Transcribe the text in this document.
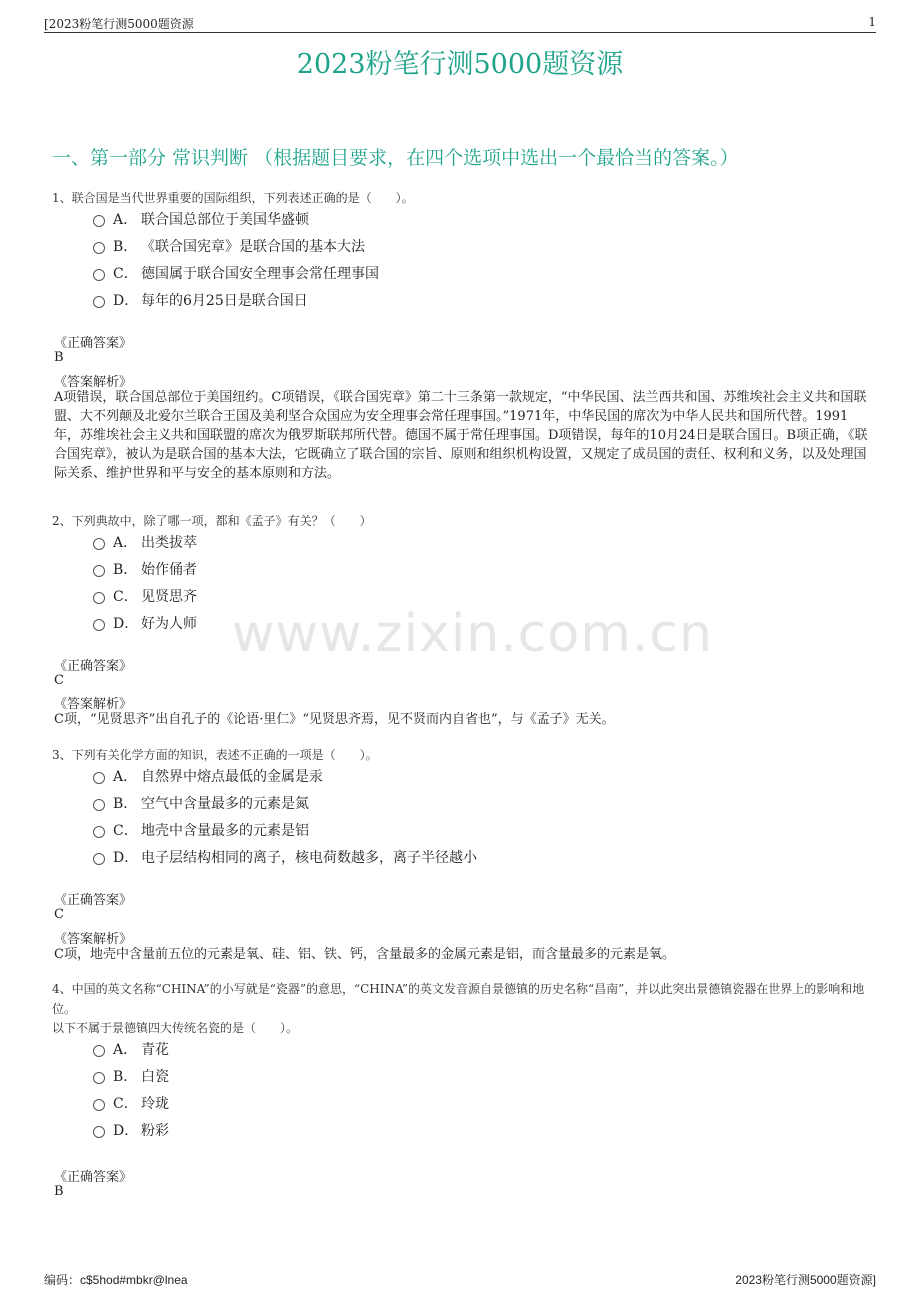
[2023粉笔行测5000题资源	1
2023粉笔行测5000题资源
一、第一部分 常识判断 （根据题目要求，在四个选项中选出一个最恰当的答案。）
www.zixin.com.cn
1、联合国是当代世界重要的国际组织，下列表述正确的是（　　）。
A． 联合国总部位于美国华盛顿
B． 《联合国宪章》是联合国的基本大法
C． 德国属于联合国安全理事会常任理事国
D． 每年的6月25日是联合国日
《正确答案》
B
《答案解析》
A项错误，联合国总部位于美国纽约。C项错误，《联合国宪章》第二十三条第一款规定，“中华民国、法兰西共和国、苏维埃社会主义共和国联盟、大不列颠及北爱尔兰联合王国及美利坚合众国应为安全理事会常任理事国。”1971年，中华民国的席次为中华人民共和国所代替。1991年，苏维埃社会主义共和国联盟的席次为俄罗斯联邦所代替。德国不属于常任理事国。D项错误，每年的10月24日是联合国日。B项正确，《联合国宪章》，被认为是联合国的基本大法，它既确立了联合国的宗旨、原则和组织机构设置，又规定了成员国的责任、权利和义务，以及处理国际关系、维护世界和平与安全的基本原则和方法。
2、下列典故中，除了哪一项，都和《孟子》有关？（　　）
A． 出类拔萃
B． 始作俑者
C． 见贤思齐
D． 好为人师
《正确答案》
C
《答案解析》
C项，“见贤思齐”出自孔子的《论语·里仁》“见贤思齐焉，见不贤而内自省也”，与《孟子》无关。
3、下列有关化学方面的知识，表述不正确的一项是（　　）。
A． 自然界中熔点最低的金属是汞
B． 空气中含量最多的元素是氮
C． 地壳中含量最多的元素是铝
D． 电子层结构相同的离子，核电荷数越多，离子半径越小
《正确答案》
C
《答案解析》
C项，地壳中含量前五位的元素是氧、硅、铝、铁、钙，含量最多的金属元素是铝，而含量最多的元素是氧。
4、中国的英文名称“CHINA”的小写就是“瓷器”的意思，“CHINA”的英文发音源自景德镇的历史名称“昌南”，并以此突出景德镇瓷器在世界上的影响和地位。
以下不属于景德镇四大传统名瓷的是（　　）。
A． 青花
B． 白瓷
C． 玲珑
D． 粉彩
《正确答案》
B
编码：c$5hod#mbkr@lnea	2023粉笔行测5000题资源]
